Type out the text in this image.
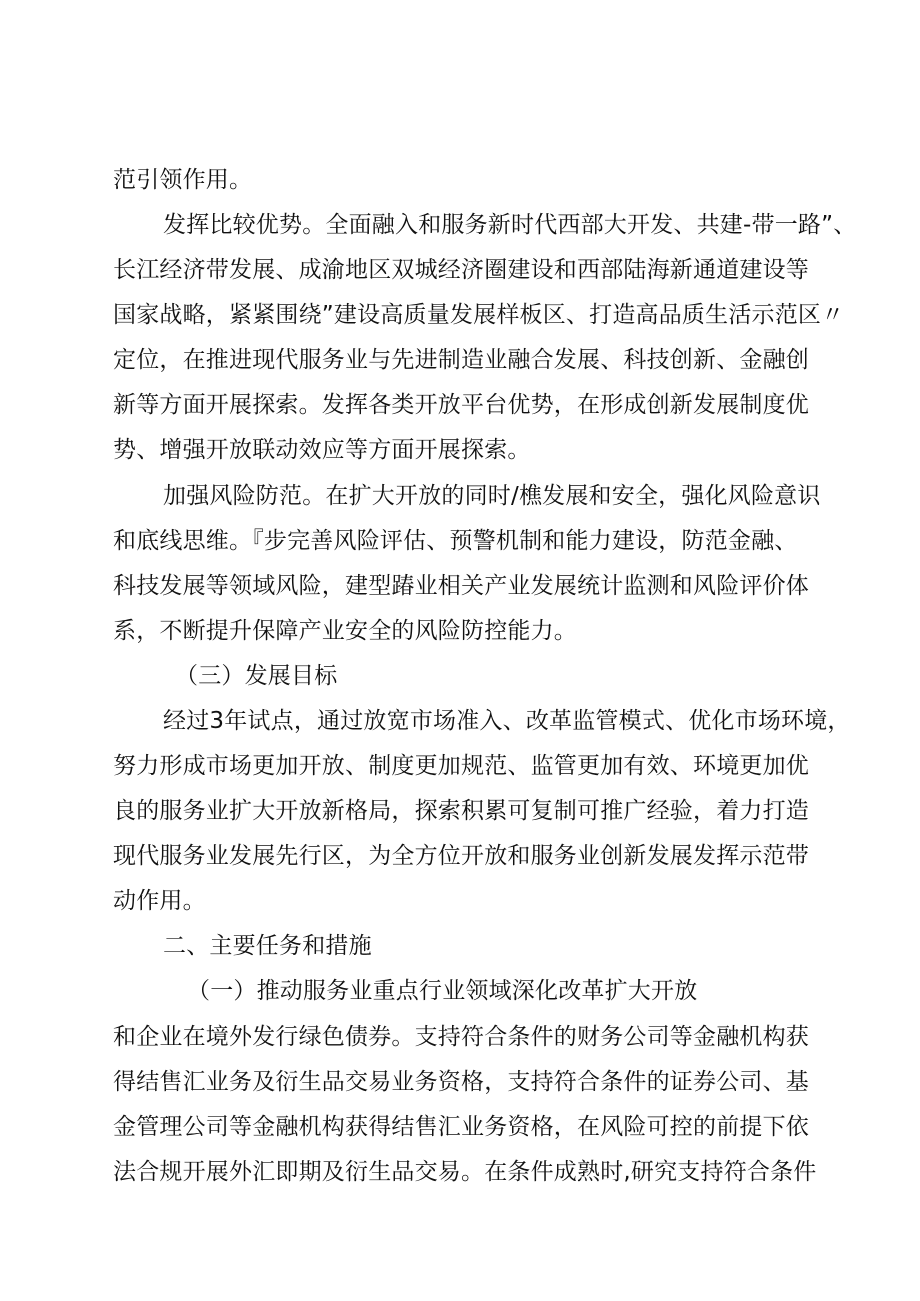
范引领作用。
发挥比较优势。全面融入和服务新时代西部大开发、共建-带一路”、
长江经济带发展、成渝地区双城经济圈建设和西部陆海新通道建设等
国家战略，紧紧围绕”建设高质量发展样板区、打造高品质生活示范区〃
定位，在推进现代服务业与先进制造业融合发展、科技创新、金融创
新等方面开展探索。发挥各类开放平台优势，在形成创新发展制度优
势、增强开放联动效应等方面开展探索。
加强风险防范。在扩大开放的同时/樵发展和安全，强化风险意识
和底线思维。『步完善风险评估、预警机制和能力建设，防范金融、
科技发展等领域风险，建型踳业相关产业发展统计监测和风险评价体
系，不断提升保障产业安全的风险防控能力。
（三）发展目标
经过3年试点，通过放宽市场准入、改革监管模式、优化市场环境，
努力形成市场更加开放、制度更加规范、监管更加有效、环境更加优
良的服务业扩大开放新格局，探索积累可复制可推广经验，着力打造
现代服务业发展先行区，为全方位开放和服务业创新发展发挥示范带
动作用。
二、主要任务和措施
（一）推动服务业重点行业领域深化改革扩大开放
和企业在境外发行绿色债券。支持符合条件的财务公司等金融机构获
得结售汇业务及衍生品交易业务资格，支持符合条件的证券公司、基
金管理公司等金融机构获得结售汇业务资格，在风险可控的前提下依
法合规开展外汇即期及衍生品交易。在条件成熟时,研究支持符合条件
